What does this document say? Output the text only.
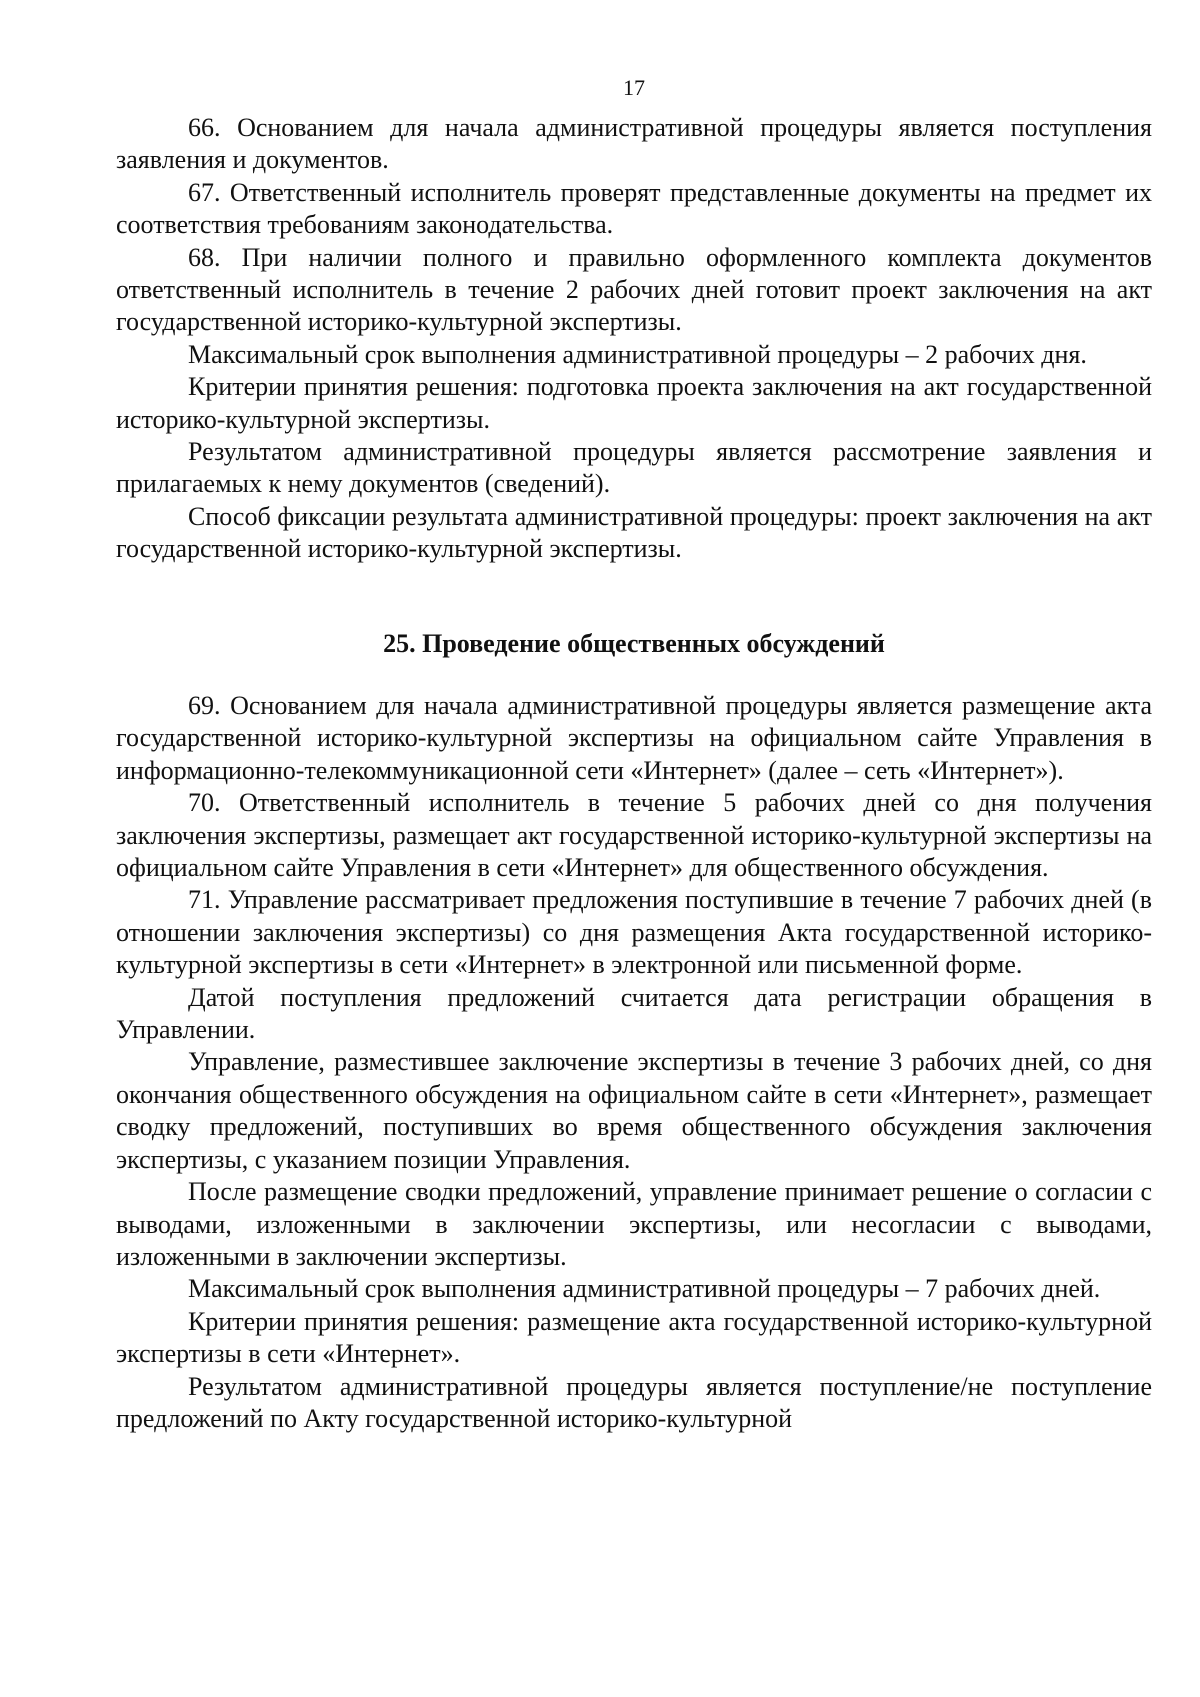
17

66. Основанием для начала административной процедуры является поступления заявления и документов.

67. Ответственный исполнитель проверят представленные документы на предмет их соответствия требованиям законодательства.

68. При наличии полного и правильно оформленного комплекта документов ответственный исполнитель в течение 2 рабочих дней готовит проект заключения на акт государственной историко-культурной экспертизы.

Максимальный срок выполнения административной процедуры – 2 рабочих дня.

Критерии принятия решения: подготовка проекта заключения на акт государственной историко-культурной экспертизы.

Результатом административной процедуры является рассмотрение заявления и прилагаемых к нему документов (сведений).

Способ фиксации результата административной процедуры: проект заключения на акт государственной историко-культурной экспертизы.

25. Проведение общественных обсуждений

69. Основанием для начала административной процедуры является размещение акта государственной историко-культурной экспертизы на официальном сайте Управления в информационно-телекоммуникационной сети «Интернет» (далее – сеть «Интернет»).

70. Ответственный исполнитель в течение 5 рабочих дней со дня получения заключения экспертизы, размещает акт государственной историко-культурной экспертизы на официальном сайте Управления в сети «Интернет» для общественного обсуждения.

71. Управление рассматривает предложения поступившие в течение 7 рабочих дней (в отношении заключения экспертизы) со дня размещения Акта государственной историко-культурной экспертизы в сети «Интернет» в электронной или письменной форме.

Датой поступления предложений считается дата регистрации обращения в Управлении.

Управление, разместившее заключение экспертизы в течение 3 рабочих дней, со дня окончания общественного обсуждения на официальном сайте в сети «Интернет», размещает сводку предложений, поступивших во время общественного обсуждения заключения экспертизы, с указанием позиции Управления.

После размещение сводки предложений, управление принимает решение о согласии с выводами, изложенными в заключении экспертизы, или несогласии с выводами, изложенными в заключении экспертизы.

Максимальный срок выполнения административной процедуры – 7 рабочих дней.

Критерии принятия решения: размещение акта государственной историко-культурной экспертизы в сети «Интернет».

Результатом административной процедуры является поступление/не поступление предложений по Акту государственной историко-культурной
